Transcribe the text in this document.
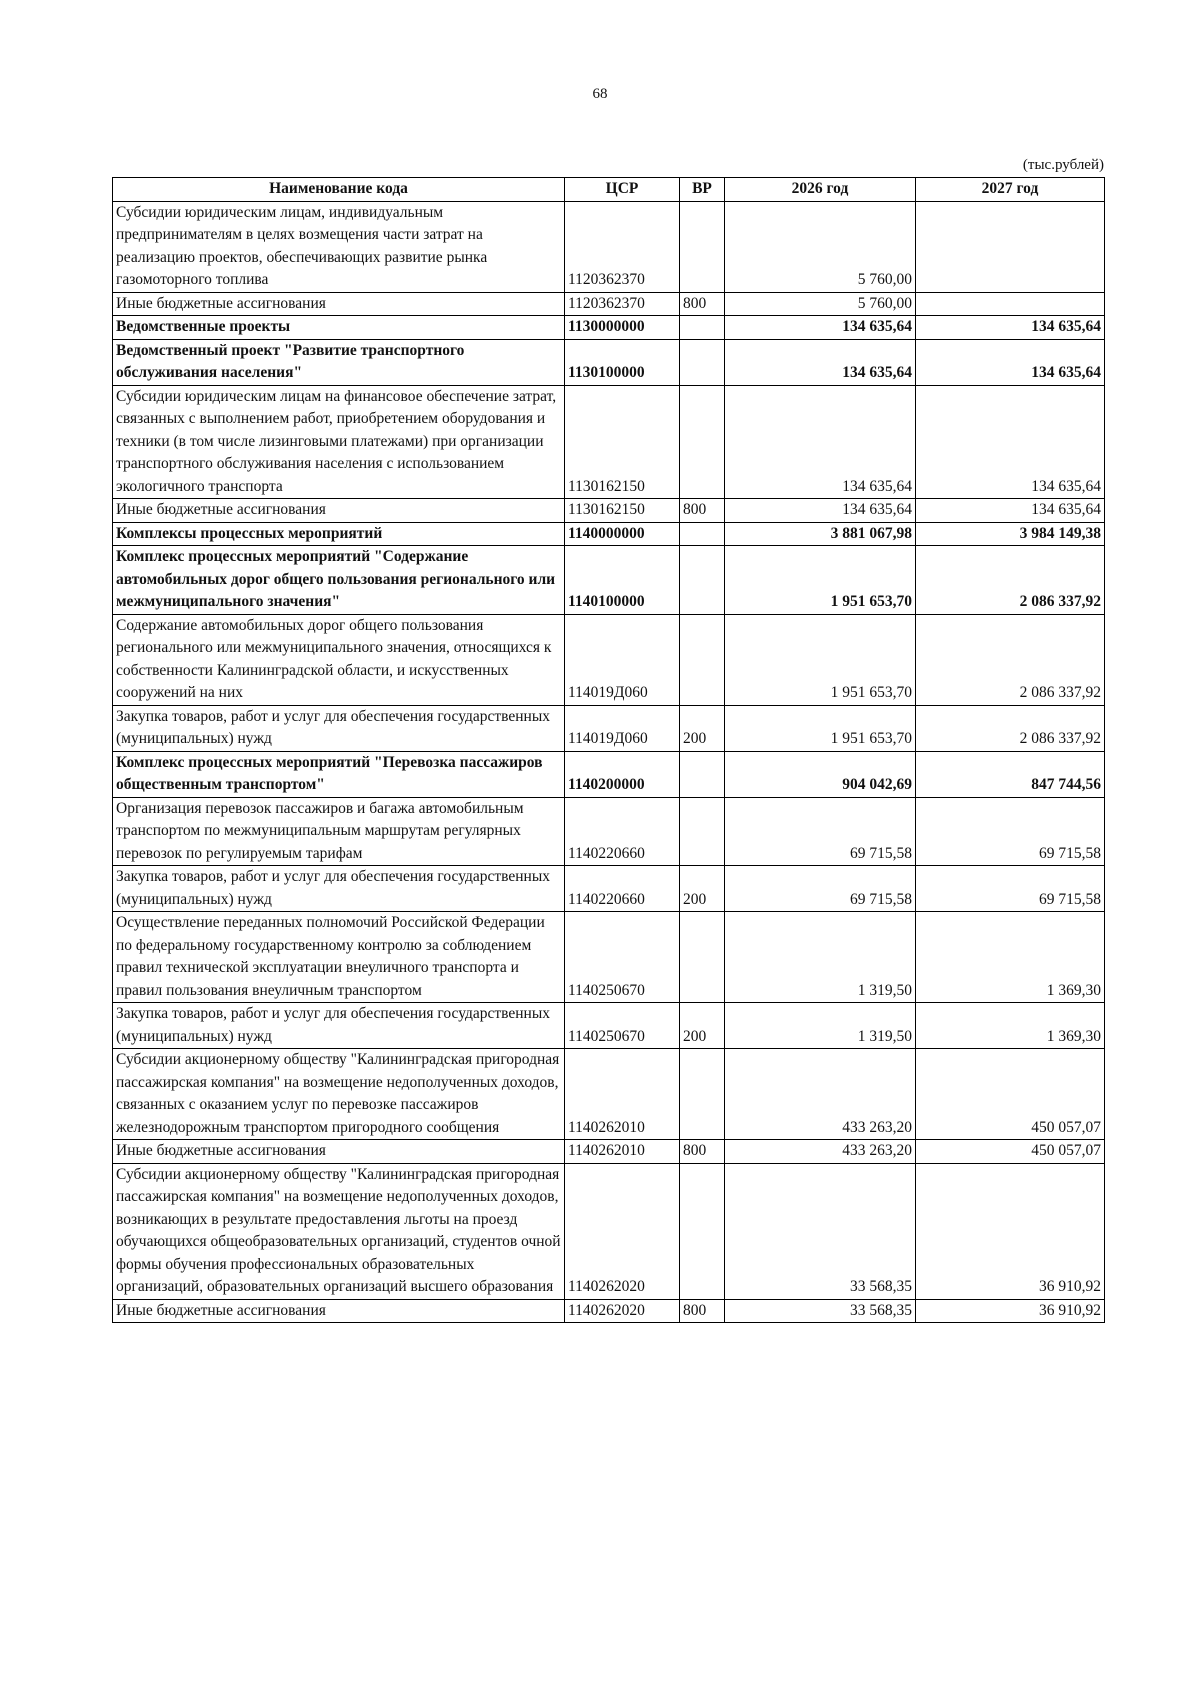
68
(тыс.рублей)
Наименование кода	ЦСР	ВР	2026 год	2027 год
Субсидии юридическим лицам, индивидуальным предпринимателям в целях возмещения части затрат на реализацию проектов, обеспечивающих развитие рынка газомоторного топлива	1120362370		5 760,00	
Иные бюджетные ассигнования	1120362370	800	5 760,00	
Ведомственные проекты	1130000000		134 635,64	134 635,64
Ведомственный проект "Развитие транспортного обслуживания населения"	1130100000		134 635,64	134 635,64
Субсидии юридическим лицам на финансовое обеспечение затрат, связанных с выполнением работ, приобретением оборудования и техники (в том числе лизинговыми платежами) при организации транспортного обслуживания населения с использованием экологичного транспорта	1130162150		134 635,64	134 635,64
Иные бюджетные ассигнования	1130162150	800	134 635,64	134 635,64
Комплексы процессных мероприятий	1140000000		3 881 067,98	3 984 149,38
Комплекс процессных мероприятий "Содержание автомобильных дорог общего пользования регионального или межмуниципального значения"	1140100000		1 951 653,70	2 086 337,92
Содержание автомобильных дорог общего пользования регионального или межмуниципального значения, относящихся к собственности Калининградской области, и искусственных сооружений на них	114019Д060		1 951 653,70	2 086 337,92
Закупка товаров, работ и услуг для обеспечения государственных (муниципальных) нужд	114019Д060	200	1 951 653,70	2 086 337,92
Комплекс процессных мероприятий "Перевозка пассажиров общественным транспортом"	1140200000		904 042,69	847 744,56
Организация перевозок пассажиров и багажа автомобильным транспортом по межмуниципальным маршрутам регулярных перевозок по регулируемым тарифам	1140220660		69 715,58	69 715,58
Закупка товаров, работ и услуг для обеспечения государственных (муниципальных) нужд	1140220660	200	69 715,58	69 715,58
Осуществление переданных полномочий Российской Федерации по федеральному государственному контролю за соблюдением правил технической эксплуатации внеуличного транспорта и правил пользования внеуличным транспортом	1140250670		1 319,50	1 369,30
Закупка товаров, работ и услуг для обеспечения государственных (муниципальных) нужд	1140250670	200	1 319,50	1 369,30
Субсидии акционерному обществу "Калининградская пригородная пассажирская компания" на возмещение недополученных доходов, связанных с оказанием услуг по перевозке пассажиров железнодорожным транспортом пригородного сообщения	1140262010		433 263,20	450 057,07
Иные бюджетные ассигнования	1140262010	800	433 263,20	450 057,07
Субсидии акционерному обществу "Калининградская пригородная пассажирская компания" на возмещение недополученных доходов, возникающих в результате предоставления льготы на проезд обучающихся общеобразовательных организаций, студентов очной формы обучения профессиональных образовательных организаций, образовательных организаций высшего образования	1140262020		33 568,35	36 910,92
Иные бюджетные ассигнования	1140262020	800	33 568,35	36 910,92
